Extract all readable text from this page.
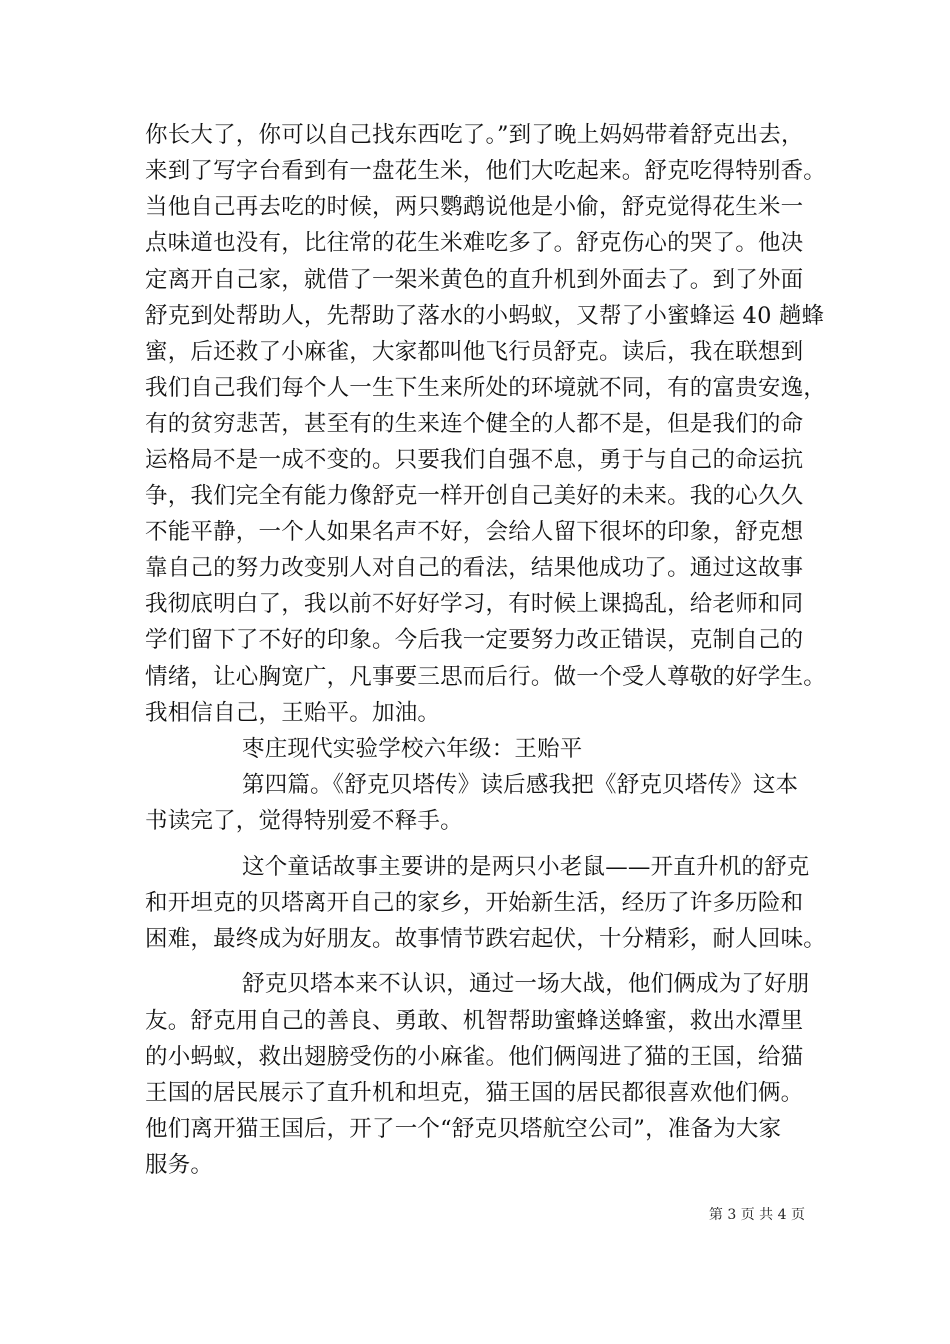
你长大了，你可以自己找东西吃了。”到了晚上妈妈带着舒克出去，
来到了写字台看到有一盘花生米，他们大吃起来。舒克吃得特别香。
当他自己再去吃的时候，两只鹦鹉说他是小偷，舒克觉得花生米一
点味道也没有，比往常的花生米难吃多了。舒克伤心的哭了。他决
定离开自己家，就借了一架米黄色的直升机到外面去了。到了外面
舒克到处帮助人，先帮助了落水的小蚂蚁，又帮了小蜜蜂运 40 趟蜂
蜜，后还救了小麻雀，大家都叫他飞行员舒克。读后，我在联想到
我们自己我们每个人一生下生来所处的环境就不同，有的富贵安逸，
有的贫穷悲苦，甚至有的生来连个健全的人都不是，但是我们的命
运格局不是一成不变的。只要我们自强不息，勇于与自己的命运抗
争，我们完全有能力像舒克一样开创自己美好的未来。我的心久久
不能平静，一个人如果名声不好，会给人留下很坏的印象，舒克想
靠自己的努力改变别人对自己的看法，结果他成功了。通过这故事
我彻底明白了，我以前不好好学习，有时候上课捣乱，给老师和同
学们留下了不好的印象。今后我一定要努力改正错误，克制自己的
情绪，让心胸宽广，凡事要三思而后行。做一个受人尊敬的好学生。
我相信自己，王贻平。加油。
枣庄现代实验学校六年级：王贻平
第四篇。《舒克贝塔传》读后感我把《舒克贝塔传》这本
书读完了，觉得特别爱不释手。
这个童话故事主要讲的是两只小老鼠——开直升机的舒克
和开坦克的贝塔离开自己的家乡，开始新生活，经历了许多历险和
困难，最终成为好朋友。故事情节跌宕起伏，十分精彩，耐人回味。
舒克贝塔本来不认识，通过一场大战，他们俩成为了好朋
友。舒克用自己的善良、勇敢、机智帮助蜜蜂送蜂蜜，救出水潭里
的小蚂蚁，救出翅膀受伤的小麻雀。他们俩闯进了猫的王国，给猫
王国的居民展示了直升机和坦克，猫王国的居民都很喜欢他们俩。
他们离开猫王国后，开了一个“舒克贝塔航空公司”，准备为大家
服务。
第 3 页 共 4 页
